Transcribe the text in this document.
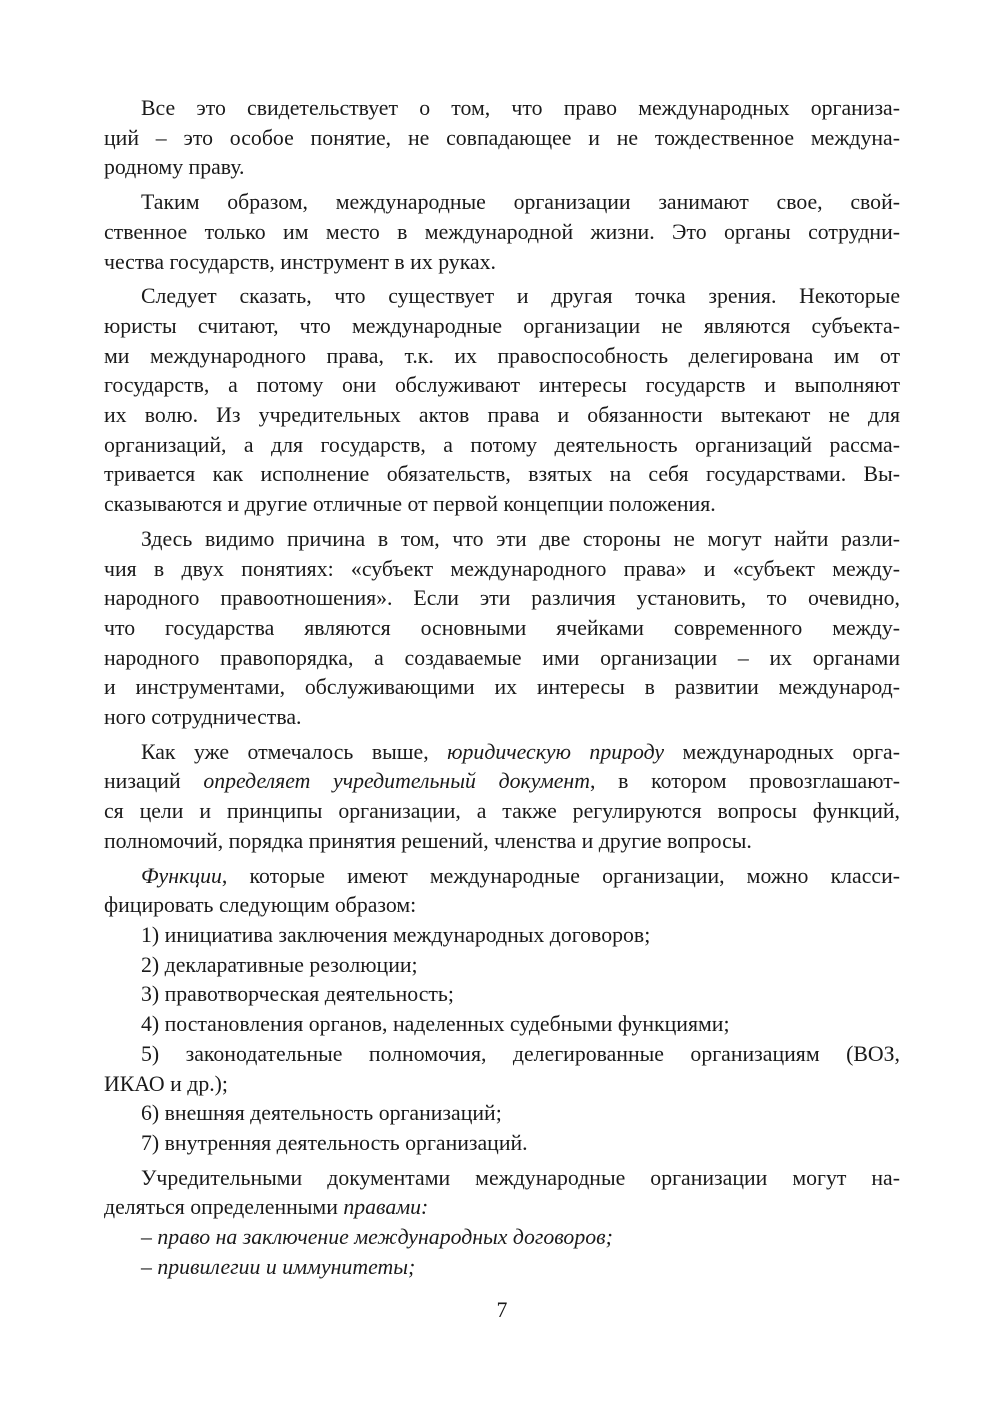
Все это свидетельствует о том, что право международных организа-
ций – это особое понятие, не совпадающее и не тождественное междуна-
родному праву.
Таким образом, международные организации занимают свое, свой-
ственное только им место в международной жизни. Это органы сотрудни-
чества государств, инструмент в их руках.
Следует сказать, что существует и другая точка зрения. Некоторые
юристы считают, что международные организации не являются субъекта-
ми международного права, т.к. их правоспособность делегирована им от
государств, а потому они обслуживают интересы государств и выполняют
их волю. Из учредительных актов права и обязанности вытекают не для
организаций, а для государств, а потому деятельность организаций рассма-
тривается как исполнение обязательств, взятых на себя государствами. Вы-
сказываются и другие отличные от первой концепции положения.
Здесь видимо причина в том, что эти две стороны не могут найти разли-
чия в двух понятиях: «субъект международного права» и «субъект между-
народного правоотношения». Если эти различия установить, то очевидно,
что государства являются основными ячейками современного между-
народного правопорядка, а создаваемые ими организации – их органами
и инструментами, обслуживающими их интересы в развитии международ-
ного сотрудничества.
Как уже отмечалось выше, юридическую природу международных орга-
низаций определяет учредительный документ, в котором провозглашают-
ся цели и принципы организации, а также регулируются вопросы функций,
полномочий, порядка принятия решений, членства и другие вопросы.
Функции, которые имеют международные организации, можно класси-
фицировать следующим образом:
1) инициатива заключения международных договоров;
2) декларативные резолюции;
3) правотворческая деятельность;
4) постановления органов, наделенных судебными функциями;
5) законодательные полномочия, делегированные организациям (ВОЗ,
ИКАО и др.);
6) внешняя деятельность организаций;
7) внутренняя деятельность организаций.
Учредительными документами международные организации могут на-
деляться определенными правами:
– право на заключение международных договоров;
– привилегии и иммунитеты;
7
